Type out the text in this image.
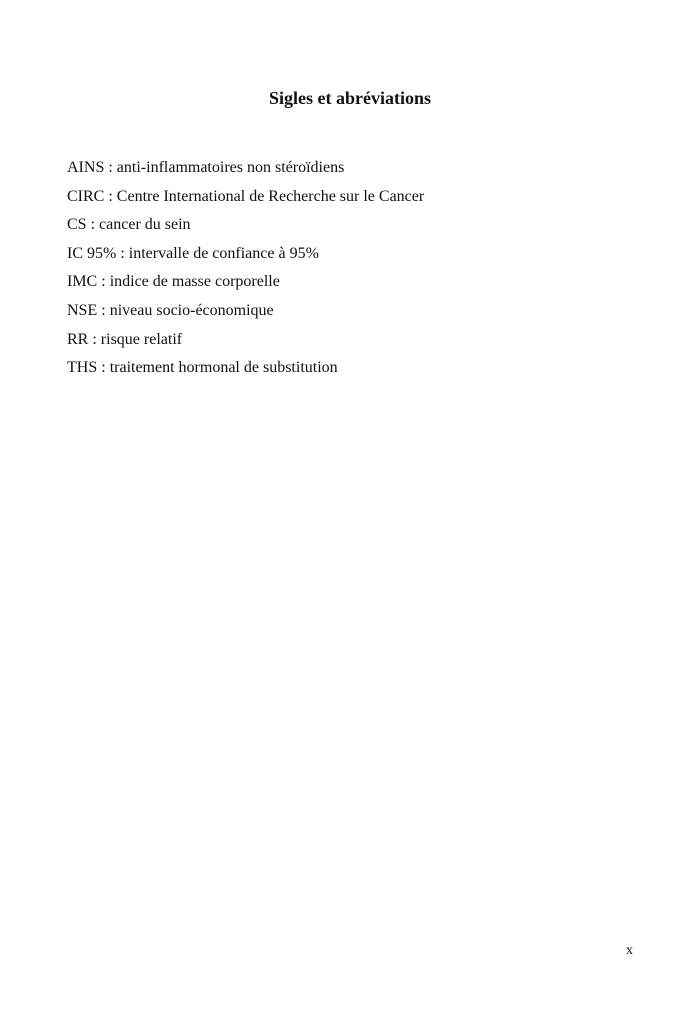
Sigles et abréviations
AINS : anti-inflammatoires non stéroïdiens
CIRC : Centre International de Recherche sur le Cancer
CS : cancer du sein
IC 95% : intervalle de confiance à 95%
IMC : indice de masse corporelle
NSE : niveau socio-économique
RR : risque relatif
THS : traitement hormonal de substitution
x
